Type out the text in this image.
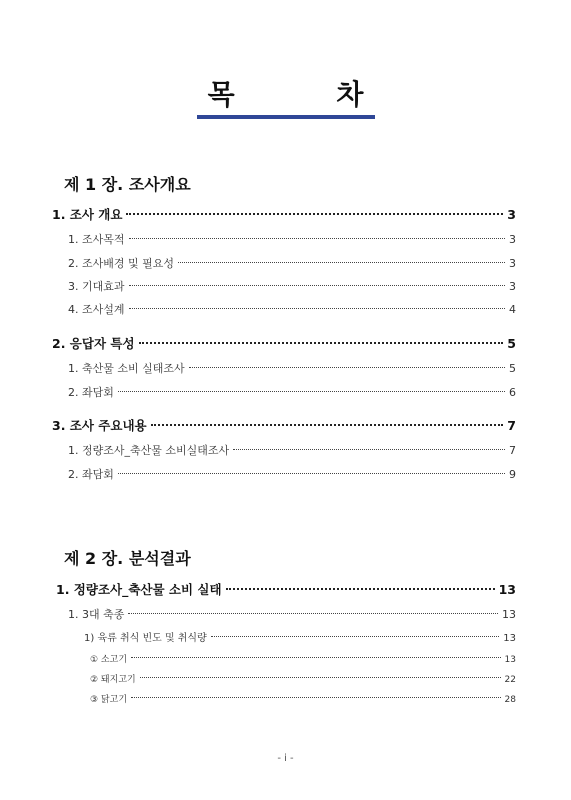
목 차
제 1 장. 조사개요
1. 조사 개요	3
1. 조사목적	3
2. 조사배경 및 필요성	3
3. 기대효과	3
4. 조사설계	4
2. 응답자 특성	5
1. 축산물 소비 실태조사	5
2. 좌담회	6
3. 조사 주요내용	7
1. 정량조사_축산물 소비실태조사	7
2. 좌담회	9
제 2 장. 분석결과
1. 정량조사_축산물 소비 실태	13
1. 3대 축종	13
1) 육류 취식 빈도 및 취식량	13
① 소고기	13
② 돼지고기	22
③ 닭고기	28
- i -
